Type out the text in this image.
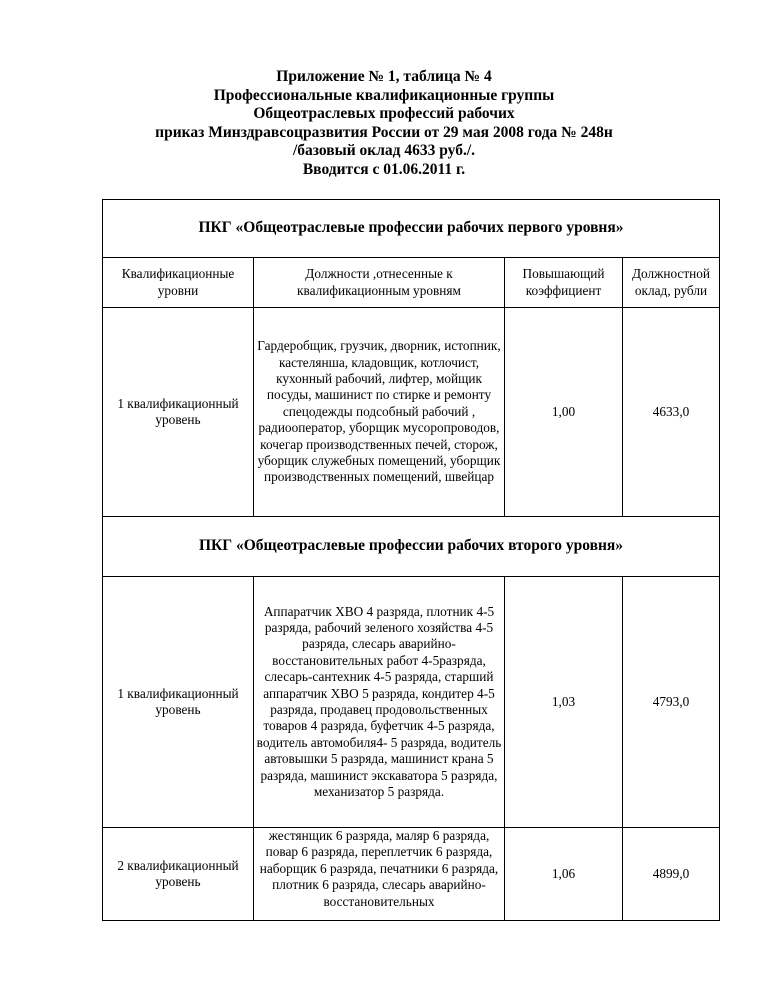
Приложение № 1, таблица № 4
Профессиональные квалификационные группы
Общеотраслевых профессий рабочих
приказ Минздравсоцразвития России от 29 мая 2008 года № 248н
/базовый оклад 4633 руб./.
Вводится с 01.06.2011 г.
ПКГ «Общеотраслевые профессии рабочих первого уровня»			
Квалификационные уровни	Должности ,отнесенные к квалификационным уровням	Повышающий коэффициент	Должностной оклад, рубли
1 квалификационный уровень	Гардеробщик, грузчик, дворник, истопник, кастелянша, кладовщик, котлочист, кухонный рабочий, лифтер, мойщик посуды, машинист по стирке и ремонту спецодежды подсобный рабочий , радиооператор, уборщик мусоропроводов, кочегар производственных печей, сторож, уборщик служебных помещений, уборщик производственных помещений, швейцар	1,00	4633,0
ПКГ «Общеотраслевые профессии рабочих второго уровня»			
1 квалификационный уровень	Аппаратчик ХВО 4 разряда, плотник 4-5 разряда, рабочий зеленого хозяйства 4-5 разряда, слесарь аварийно-восстановительных работ 4-5разряда, слесарь-сантехник 4-5 разряда, старший аппаратчик ХВО 5 разряда, кондитер 4-5 разряда, продавец продовольственных товаров 4 разряда, буфетчик 4-5 разряда, водитель автомобиля4- 5 разряда, водитель автовышки 5 разряда, машинист крана 5 разряда, машинист экскаватора 5 разряда, механизатор 5 разряда.	1,03	4793,0
2 квалификационный уровень	жестянщик 6 разряда, маляр 6 разряда, повар 6 разряда, переплетчик 6 разряда, наборщик 6 разряда, печатники 6 разряда, плотник 6 разряда, слесарь аварийно-восстановительных	1,06	4899,0
